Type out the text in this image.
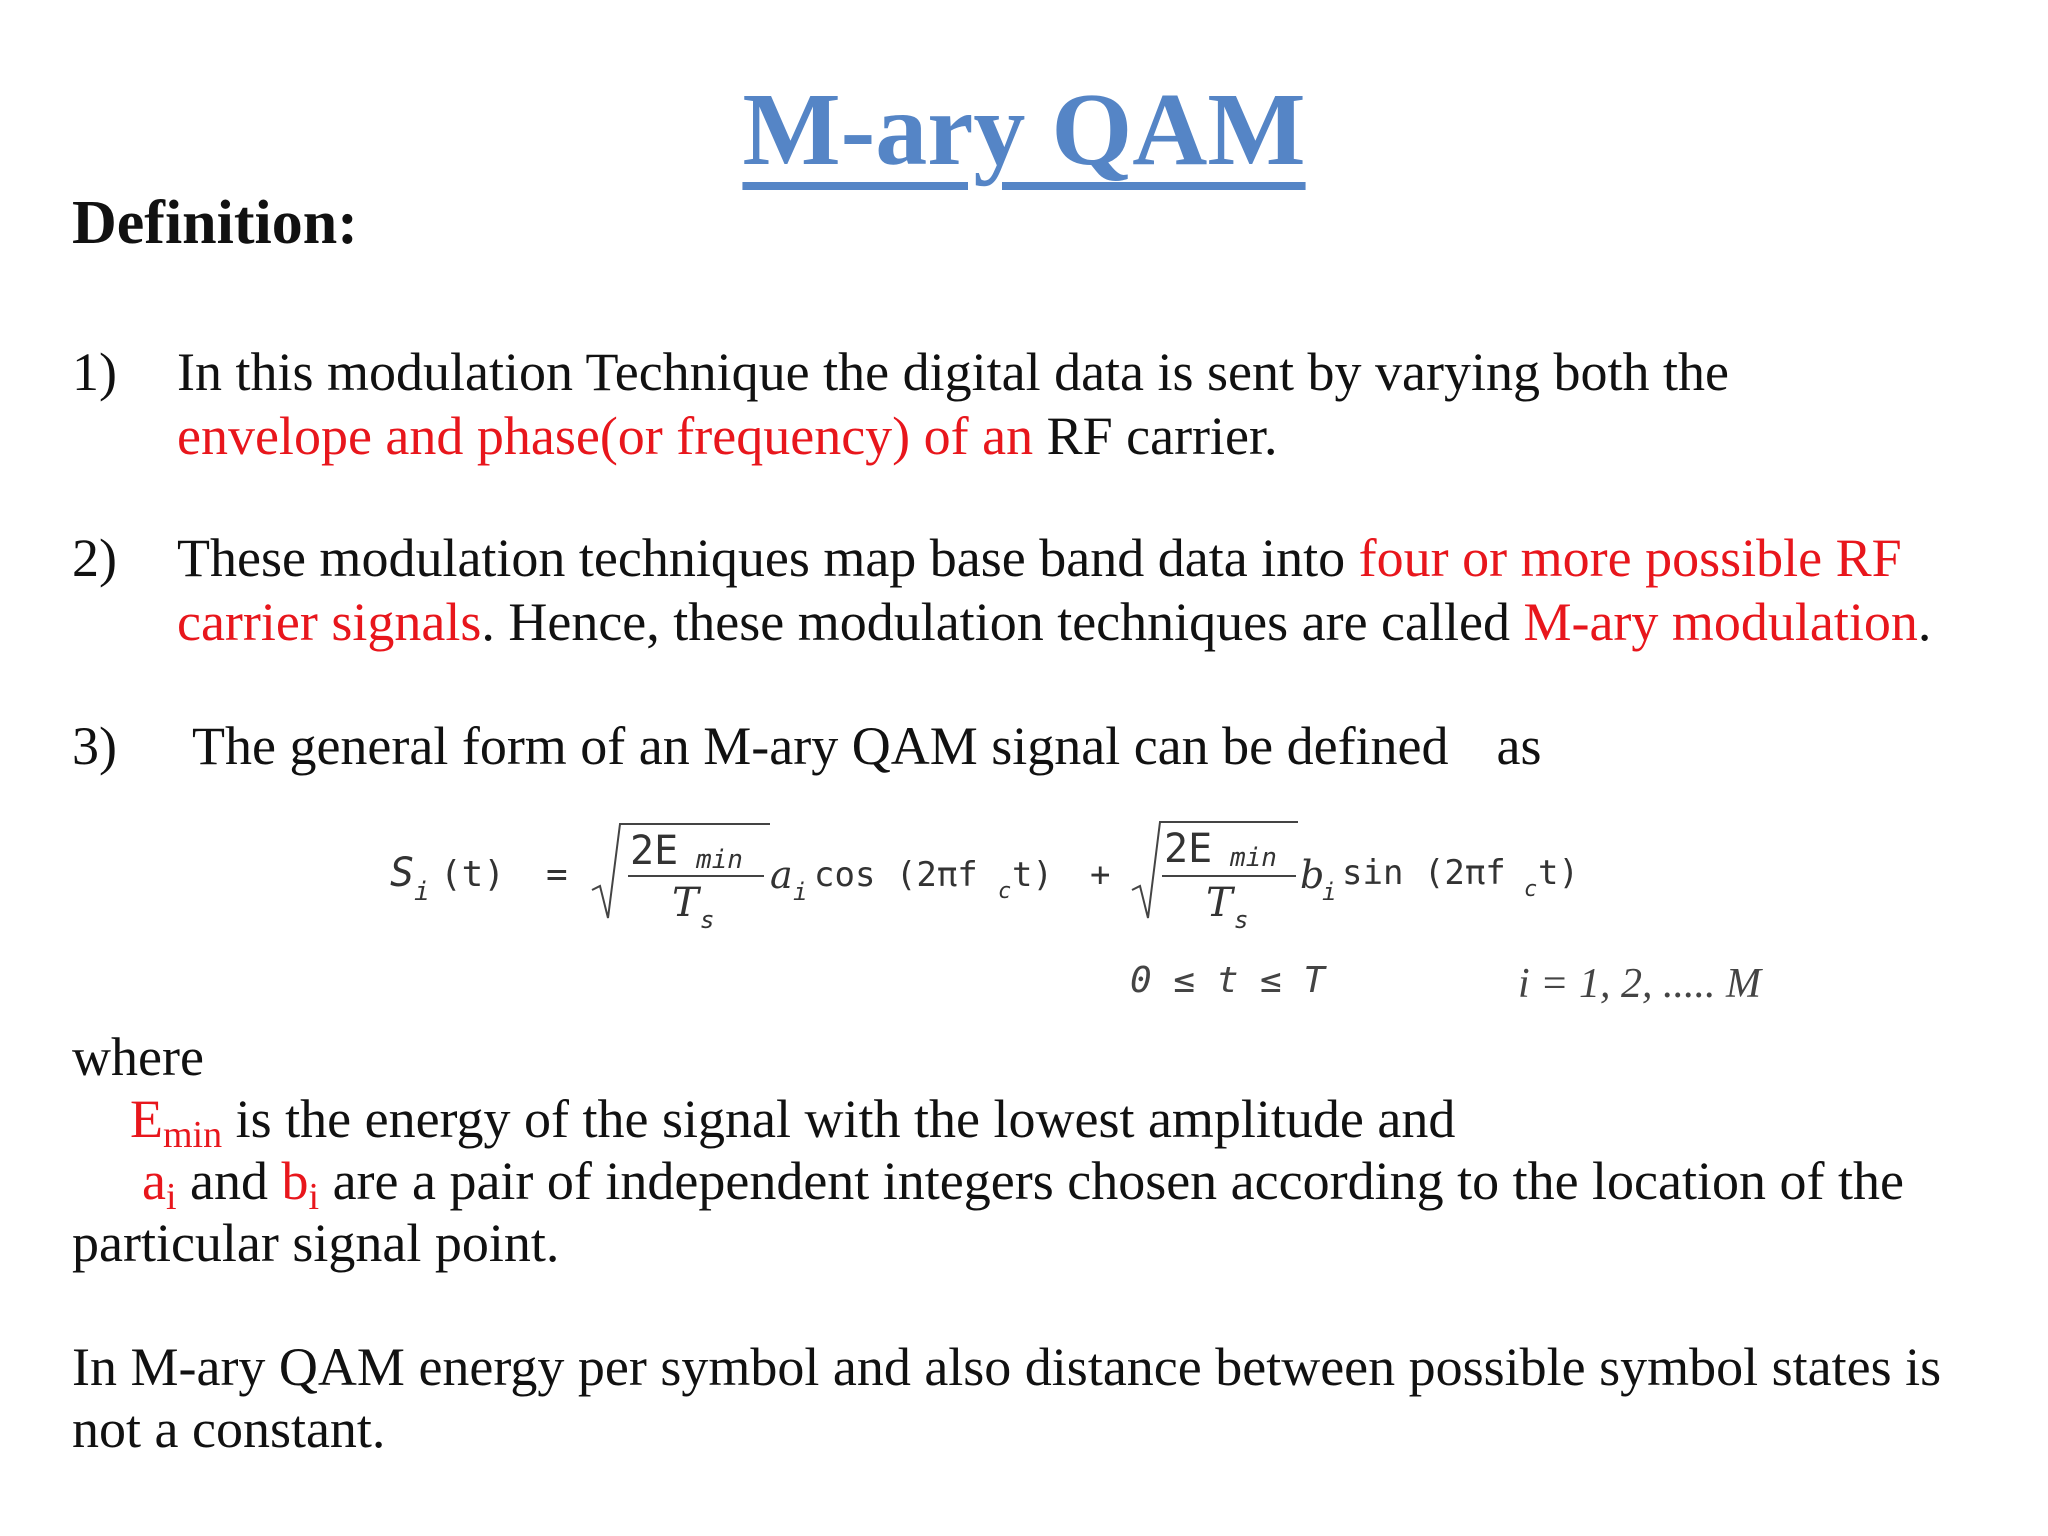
M-ary QAM
Definition:
1) In this modulation Technique the digital data is sent by varying both the
envelope and phase(or frequency) of an RF carrier.
2) These modulation techniques map base band data into four or more possible RF carrier signals. Hence, these modulation techniques are called M-ary modulation.
3) The general form of an M-ary QAM signal can be defined as
S i (t) =
2E min
T s
a i cos (2πf c t) +
2E min
T s
b
i sin (2πf c t)
0 ≤ t ≤ T	i = 1, 2, ..... M
where
$E_{min}$ is the energy of the signal with the lowest amplitude and
$a_i$ and $b_i$ are a pair of independent integers chosen according to the location of the particular signal point.
In M-ary QAM energy per symbol and also distance between possible symbol states is not a constant.
